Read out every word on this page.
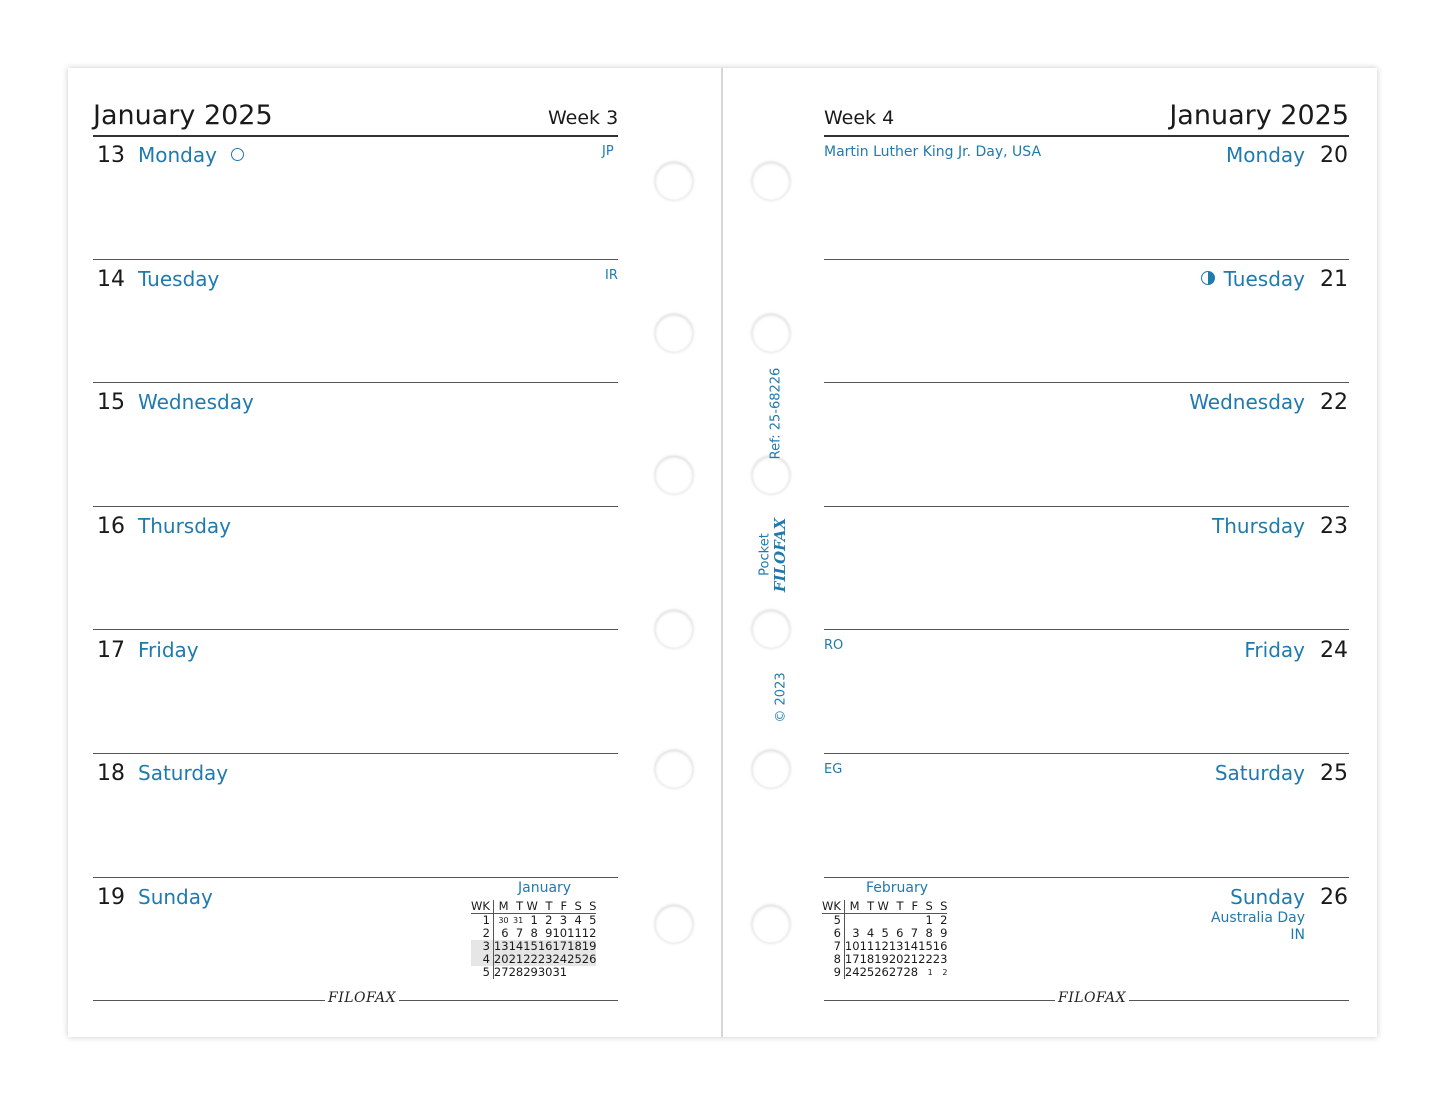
January 2025	Week 3
13 Monday	JP
14 Tuesday	IR
15 Wednesday
16 Thursday
17 Friday
18 Saturday
19 Sunday	January
WK	M	T	W	T	F	S	S
1	30	31	1	2	3	4	5
2	6	7	8	9	10	11	12
3	13	14	15	16	17	18	19
4	20	21	22	23	24	25	26
5	27	28	29	30	31		
FILOFAX
Ref: 25-68226
Pocket
FILOFAX
© 2023
Week 4	January 2025
Martin Luther King Jr. Day, USA	Monday 20
Tuesday 21
Wednesday 22
Thursday 23
RO	Friday 24
EG	Saturday 25
Sunday 26
Australia Day
IN
February
WK	M	T	W	T	F	S	S
5						1	2
6	3	4	5	6	7	8	9
7	10	11	12	13	14	15	16
8	17	18	19	20	21	22	23
9	24	25	26	27	28	1	2
FILOFAX
